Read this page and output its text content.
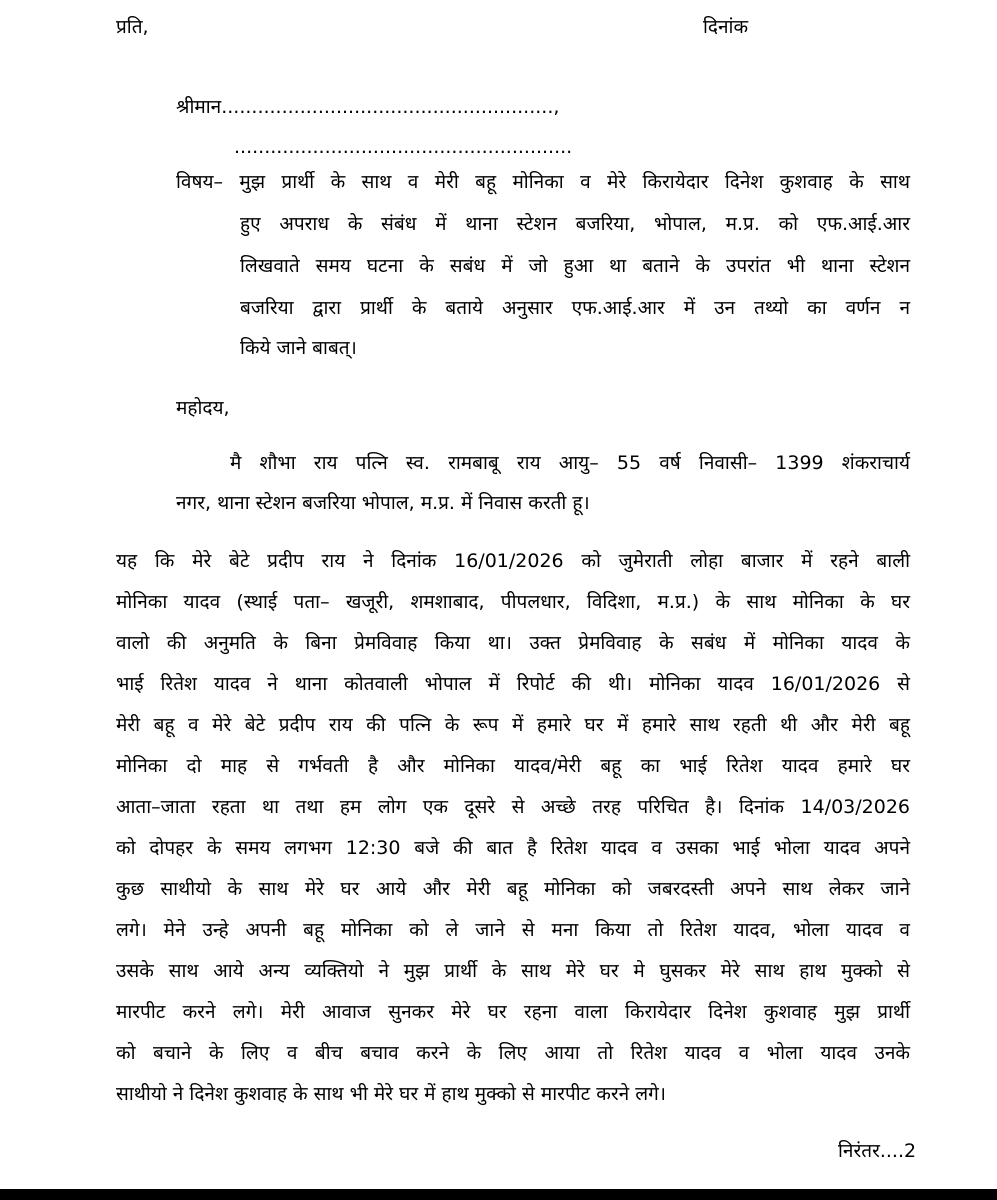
प्रति,	दिनांक
श्रीमान.......................................................,
........................................................
विषय– मुझ प्रार्थी के साथ व मेरी बहू मोनिका व मेरे किरायेदार दिनेश कुशवाह के साथ
हुए अपराध के संबंध में थाना स्टेशन बजरिया, भोपाल, म.प्र. को एफ.आई.आर
लिखवाते समय घटना के सबंध में जो हुआ था बताने के उपरांत भी थाना स्टेशन
बजरिया द्वारा प्रार्थी के बताये अनुसार एफ.आई.आर में उन तथ्यो का वर्णन न
किये जाने बाबत्।
महोदय,
मै शौभा राय पत्नि स्व. रामबाबू राय आयु– 55 वर्ष निवासी– 1399 शंकराचार्य
नगर, थाना स्टेशन बजरिया भोपाल, म.प्र. में निवास करती हू।
यह कि मेरे बेटे प्रदीप राय ने दिनांक 16/01/2026 को जुमेराती लोहा बाजार में रहने बाली
मोनिका यादव (स्थाई पता– खजूरी, शमशाबाद, पीपलधार, विदिशा, म.प्र.) के साथ मोनिका के घर
वालो की अनुमति के बिना प्रेमविवाह किया था। उक्त प्रेमविवाह के सबंध में मोनिका यादव के
भाई रितेश यादव ने थाना कोतवाली भोपाल में रिपोर्ट की थी। मोनिका यादव 16/01/2026 से
मेरी बहू व मेरे बेटे प्रदीप राय की पत्नि के रूप में हमारे घर में हमारे साथ रहती थी और मेरी बहू
मोनिका दो माह से गर्भवती है और मोनिका यादव/मेरी बहू का भाई रितेश यादव हमारे घर
आता–जाता रहता था तथा हम लोग एक दूसरे से अच्छे तरह परिचित है। दिनांक 14/03/2026
को दोपहर के समय लगभग 12:30 बजे की बात है रितेश यादव व उसका भाई भोला यादव अपने
कुछ साथीयो के साथ मेरे घर आये और मेरी बहू मोनिका को जबरदस्ती अपने साथ लेकर जाने
लगे। मेने उन्हे अपनी बहू मोनिका को ले जाने से मना किया तो रितेश यादव, भोला यादव व
उसके साथ आये अन्य व्यक्तियो ने मुझ प्रार्थी के साथ मेरे घर मे घुसकर मेरे साथ हाथ मुक्को से
मारपीट करने लगे। मेरी आवाज सुनकर मेरे घर रहना वाला किरायेदार दिनेश कुशवाह मुझ प्रार्थी
को बचाने के लिए व बीच बचाव करने के लिए आया तो रितेश यादव व भोला यादव उनके
साथीयो ने दिनेश कुशवाह के साथ भी मेरे घर में हाथ मुक्को से मारपीट करने लगे।
निरंतर....2
